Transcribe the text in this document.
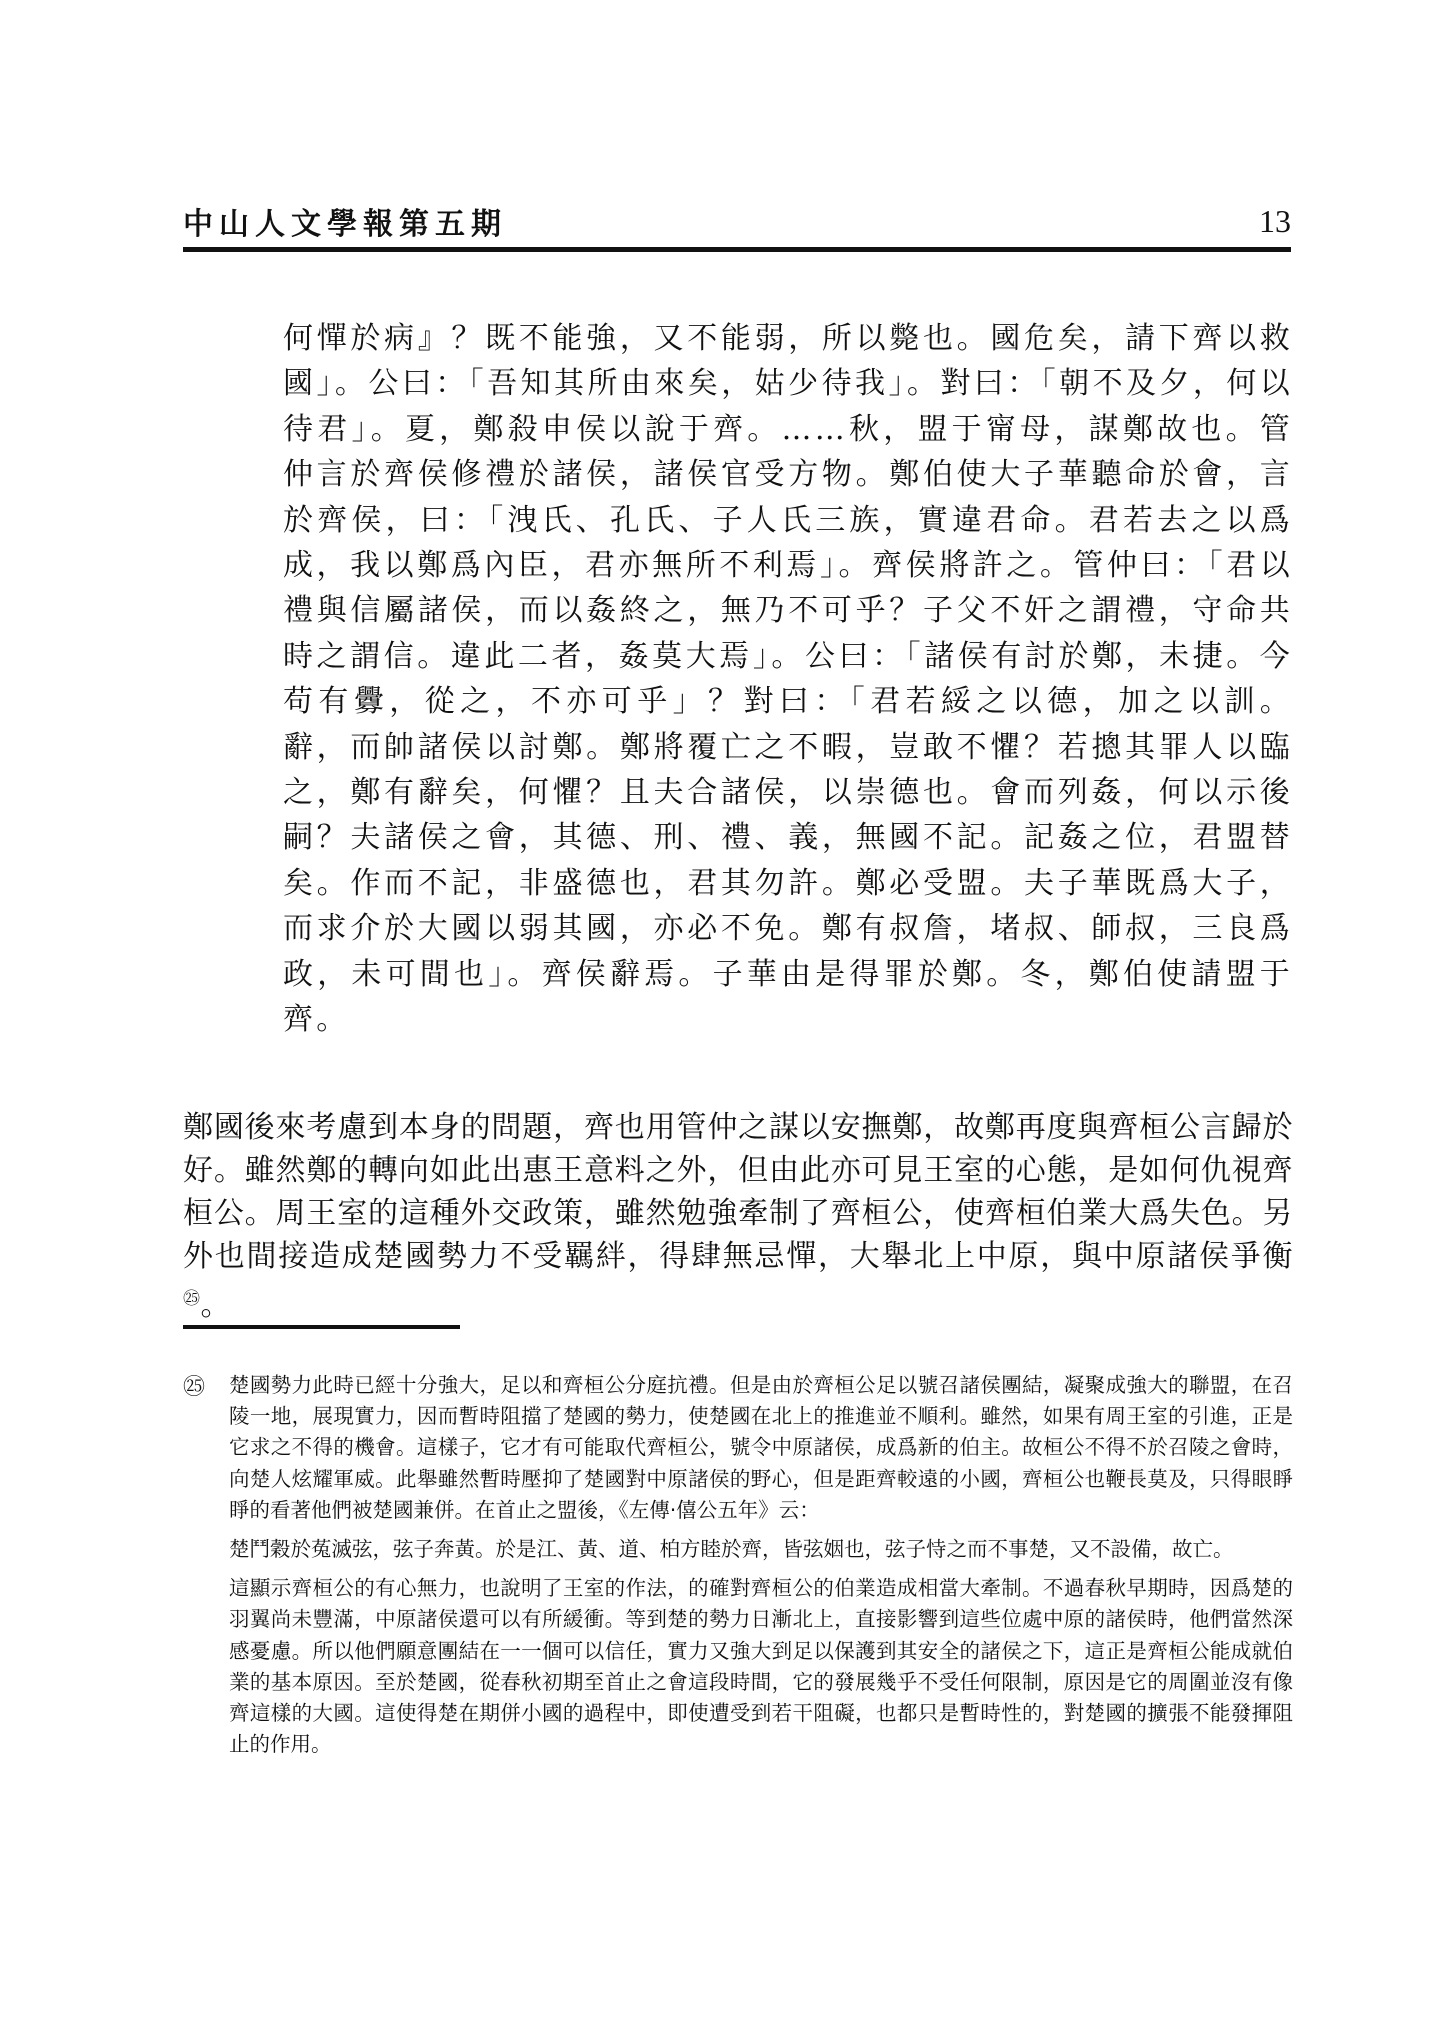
中山人文學報第五期	13
何憚於病』？既不能強，又不能弱，所以斃也。國危矣，請下齊以救國」。公曰：「吾知其所由來矣，姑少待我」。對曰：「朝不及夕，何以待君」。夏，鄭殺申侯以說于齊。……秋，盟于甯母，謀鄭故也。管仲言於齊侯修禮於諸侯，諸侯官受方物。鄭伯使大子華聽命於會，言於齊侯，曰：「洩氏、孔氏、子人氏三族，實違君命。君若去之以爲成，我以鄭爲內臣，君亦無所不利焉」。齊侯將許之。管仲曰：「君以禮與信屬諸侯，而以姦終之，無乃不可乎？子父不奸之謂禮，守命共時之謂信。違此二者，姦莫大焉」。公曰：「諸侯有討於鄭，未捷。今苟有釁，從之，不亦可乎」？對曰：「君若綏之以德，加之以訓。辭，而帥諸侯以討鄭。鄭將覆亡之不暇，豈敢不懼？若摠其罪人以臨之，鄭有辭矣，何懼？且夫合諸侯，以崇德也。會而列姦，何以示後嗣？夫諸侯之會，其德、刑、禮、義，無國不記。記姦之位，君盟替矣。作而不記，非盛德也，君其勿許。鄭必受盟。夫子華既爲大子，而求介於大國以弱其國，亦必不免。鄭有叔詹，堵叔、師叔，三良爲政，未可間也」。齊侯辭焉。子華由是得罪於鄭。冬，鄭伯使請盟于齊。
鄭國後來考慮到本身的問題，齊也用管仲之謀以安撫鄭，故鄭再度與齊桓公言歸於好。雖然鄭的轉向如此出惠王意料之外，但由此亦可見王室的心態，是如何仇視齊桓公。周王室的這種外交政策，雖然勉強牽制了齊桓公，使齊桓伯業大爲失色。另外也間接造成楚國勢力不受羈絆，得肆無忌憚，大舉北上中原，與中原諸侯爭衡$^㉕$。
㉕ 楚國勢力此時已經十分強大，足以和齊桓公分庭抗禮。但是由於齊桓公足以號召諸侯團結，凝聚成強大的聯盟，在召陵一地，展現實力，因而暫時阻擋了楚國的勢力，使楚國在北上的推進並不順利。雖然，如果有周王室的引進，正是它求之不得的機會。這樣子，它才有可能取代齊桓公，號令中原諸侯，成爲新的伯主。故桓公不得不於召陵之會時，向楚人炫耀軍威。此舉雖然暫時壓抑了楚國對中原諸侯的野心，但是距齊較遠的小國，齊桓公也鞭長莫及，只得眼睜睜的看著他們被楚國兼併。在首止之盟後，《左傳‧僖公五年》云：

楚鬥穀於菟滅弦，弦子奔黃。於是江、黃、道、柏方睦於齊，皆弦姻也，弦子恃之而不事楚，又不設備，故亡。

這顯示齊桓公的有心無力，也說明了王室的作法，的確對齊桓公的伯業造成相當大牽制。不過春秋早期時，因爲楚的羽翼尚未豐滿，中原諸侯還可以有所緩衝。等到楚的勢力日漸北上，直接影響到這些位處中原的諸侯時，他們當然深感憂慮。所以他們願意團結在一一個可以信任，實力又強大到足以保護到其安全的諸侯之下，這正是齊桓公能成就伯業的基本原因。至於楚國，從春秋初期至首止之會這段時間，它的發展幾乎不受任何限制，原因是它的周圍並沒有像齊這樣的大國。這使得楚在期併小國的過程中，即使遭受到若干阻礙，也都只是暫時性的，對楚國的擴張不能發揮阻止的作用。
